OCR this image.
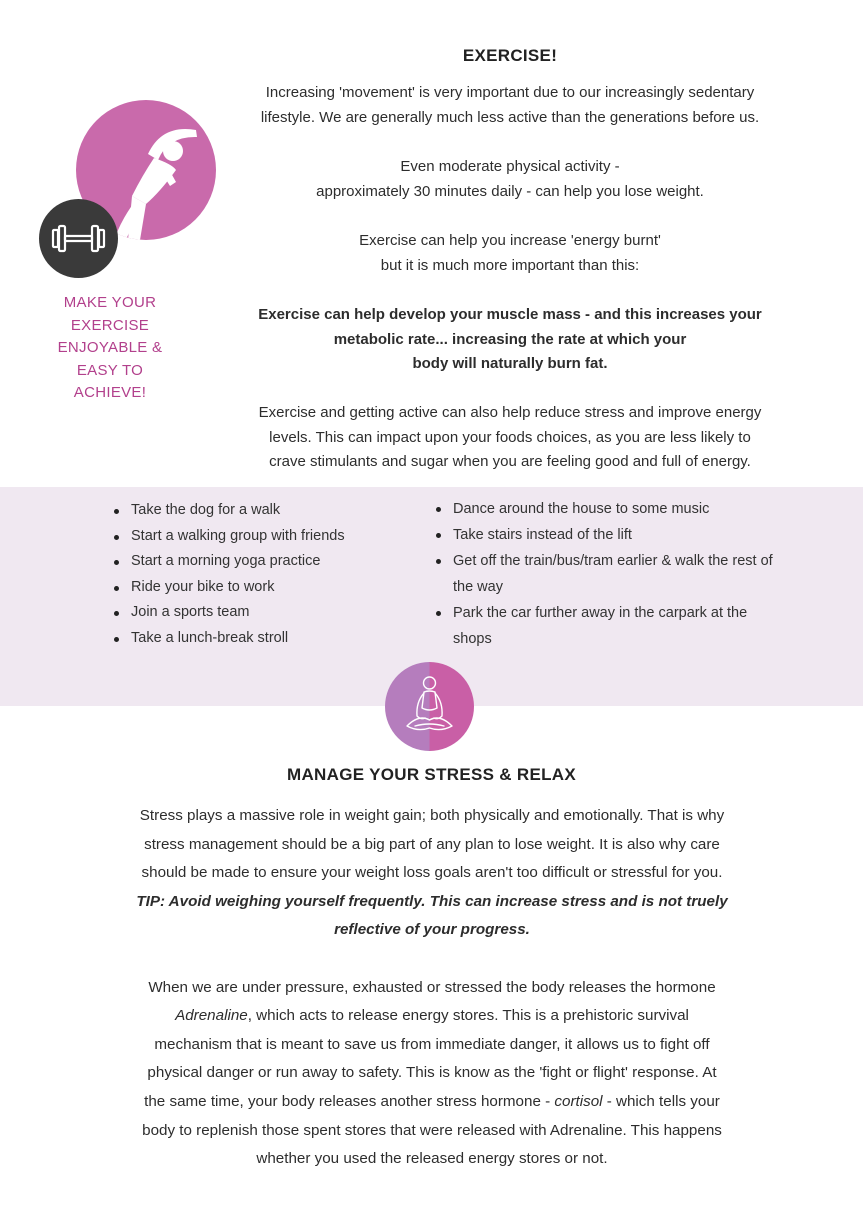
EXERCISE!

Increasing 'movement' is very important due to our increasingly sedentary

lifestyle. We are generally much less active than the generations before us.

Even moderate physical activity -

approximately 30 minutes daily - can help you lose weight.

Exercise can help you increase 'energy burnt'

but it is much more important than this:

Exercise can help develop your muscle mass - and this increases your

metabolic rate... increasing the rate at which your

body will naturally burn fat.

Exercise and getting active can also help reduce stress and improve energy

levels. This can impact upon your foods choices, as you are less likely to

crave stimulants and sugar when you are feeling good and full of energy.

MAKE YOUR
EXERCISE
ENJOYABLE &
EASY TO
ACHIEVE!
Take the dog for a walk
Start a walking group with friends
Start a morning yoga practice
Ride your bike to work
Join a sports team
Take a lunch-break stroll
Dance around the house to some music
Take stairs instead of the lift
Get off the train/bus/tram earlier & walk the rest of the way
Park the car further away in the carpark at the shops
MANAGE YOUR STRESS & RELAX

Stress plays a massive role in weight gain; both physically and emotionally. That is why

stress management should be a big part of any plan to lose weight. It is also why care

should be made to ensure your weight loss goals aren't too difficult or stressful for you.

TIP: Avoid weighing yourself frequently. This can increase stress and is not truely

reflective of your progress.

When we are under pressure, exhausted or stressed the body releases the hormone

Adrenaline, which acts to release energy stores. This is a prehistoric survival

mechanism that is meant to save us from immediate danger, it allows us to fight off

physical danger or run away to safety. This is know as the 'fight or flight' response. At

the same time, your body releases another stress hormone - cortisol - which tells your

body to replenish those spent stores that were released with Adrenaline. This happens

whether you used the released energy stores or not.
